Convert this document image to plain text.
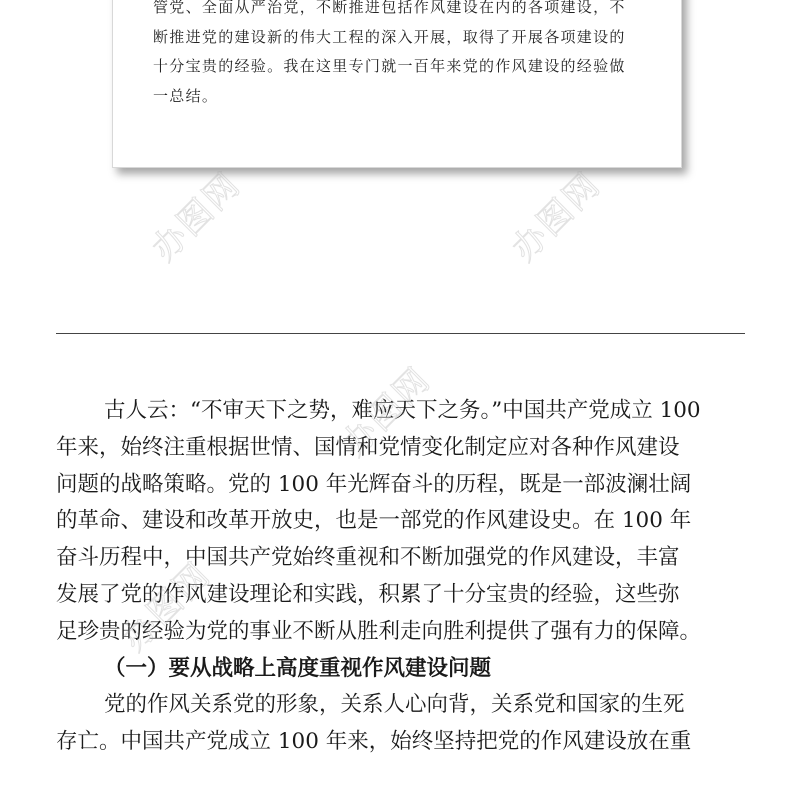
管党、全面从严治党，不断推进包括作风建设在内的各项建设，不
断推进党的建设新的伟大工程的深入开展，取得了开展各项建设的
十分宝贵的经验。我在这里专门就一百年来党的作风建设的经验做
一总结。
古人云：“不审天下之势，难应天下之务。”中国共产党成立 100
年来，始终注重根据世情、国情和党情变化制定应对各种作风建设
问题的战略策略。党的 100 年光辉奋斗的历程，既是一部波澜壮阔
的革命、建设和改革开放史，也是一部党的作风建设史。在 100 年
奋斗历程中，中国共产党始终重视和不断加强党的作风建设，丰富
发展了党的作风建设理论和实践，积累了十分宝贵的经验，这些弥
足珍贵的经验为党的事业不断从胜利走向胜利提供了强有力的保障。
（一）要从战略上高度重视作风建设问题
党的作风关系党的形象，关系人心向背，关系党和国家的生死
存亡。中国共产党成立 100 年来，始终坚持把党的作风建设放在重
办图网	办图网
办图网
办图网
